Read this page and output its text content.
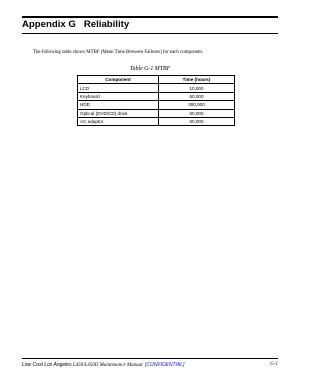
Appendix G Reliability
The following table shows MTBF (Mean Time Between Failures) for each component.
Table G-1 MTBF
Component	Time (hours)
LCD	10,000
Keyboard	60,000
HDD	300,000
Optical (DVD/CD) drive	60,000
AC adaptor	60,000
Low Cost Los Angeles L450/L450D Maintenance Manual [CONFIDENTIAL]	G-1
